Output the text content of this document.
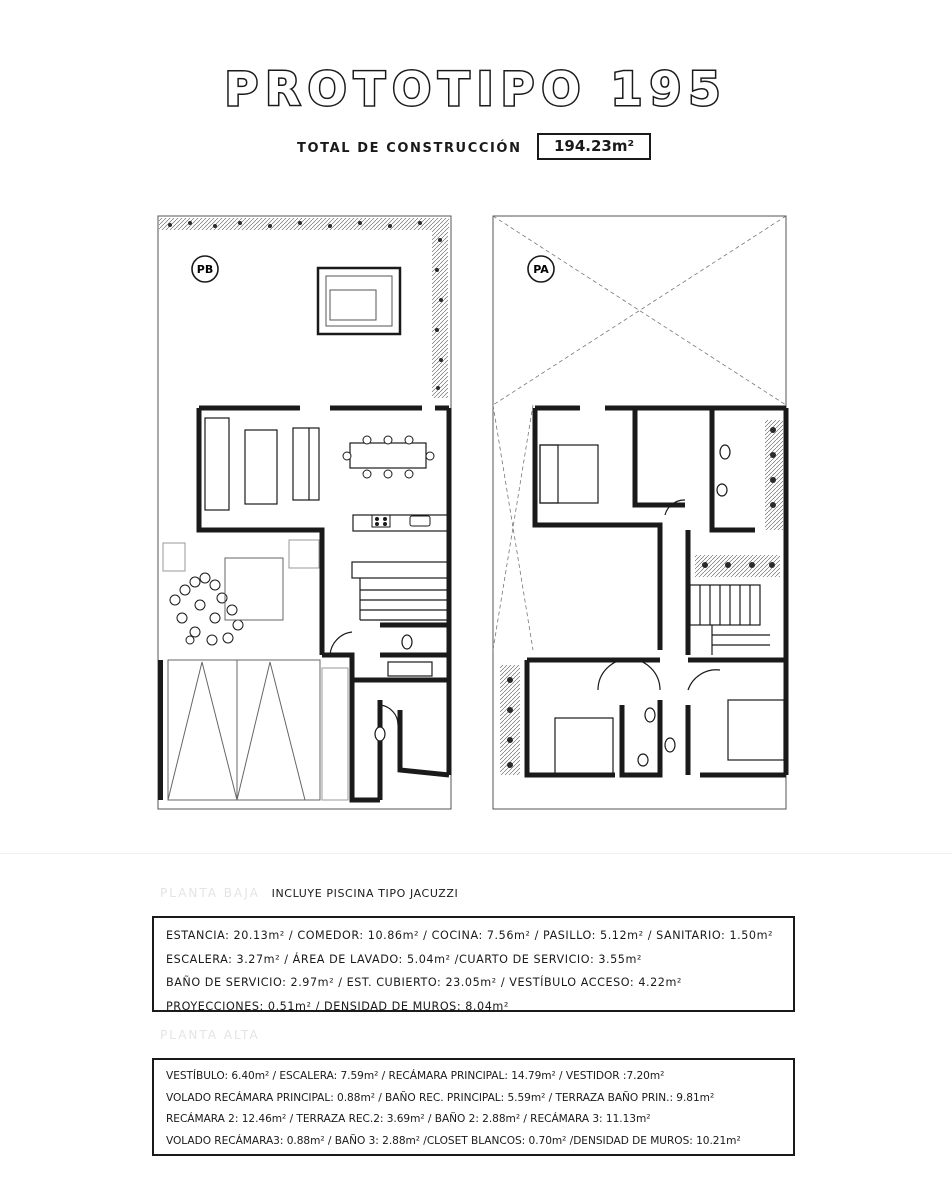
PROTOTIPO 195
TOTAL DE CONSTRUCCIÓN	194.23m²
PB	PA
PLANTA BAJA INCLUYE PISCINA TIPO JACUZZI
ESTANCIA: 20.13m² / COMEDOR: 10.86m² / COCINA: 7.56m² / PASILLO: 5.12m² / SANITARIO: 1.50m²
ESCALERA: 3.27m² / ÁREA DE LAVADO: 5.04m² /CUARTO DE SERVICIO: 3.55m²
BAÑO DE SERVICIO: 2.97m² / EST. CUBIERTO: 23.05m² / VESTÍBULO ACCESO: 4.22m²
PROYECCIONES: 0.51m² / DENSIDAD DE MUROS: 8.04m²
PLANTA ALTA
VESTÍBULO: 6.40m² / ESCALERA: 7.59m² / RECÁMARA PRINCIPAL: 14.79m² / VESTIDOR :7.20m²
VOLADO RECÁMARA PRINCIPAL: 0.88m² / BAÑO REC. PRINCIPAL: 5.59m² / TERRAZA BAÑO PRIN.: 9.81m²
RECÁMARA 2: 12.46m² / TERRAZA REC.2: 3.69m² / BAÑO 2: 2.88m² / RECÁMARA 3: 11.13m²
VOLADO RECÁMARA3: 0.88m² / BAÑO 3: 2.88m² /CLOSET BLANCOS: 0.70m² /DENSIDAD DE MUROS: 10.21m²
